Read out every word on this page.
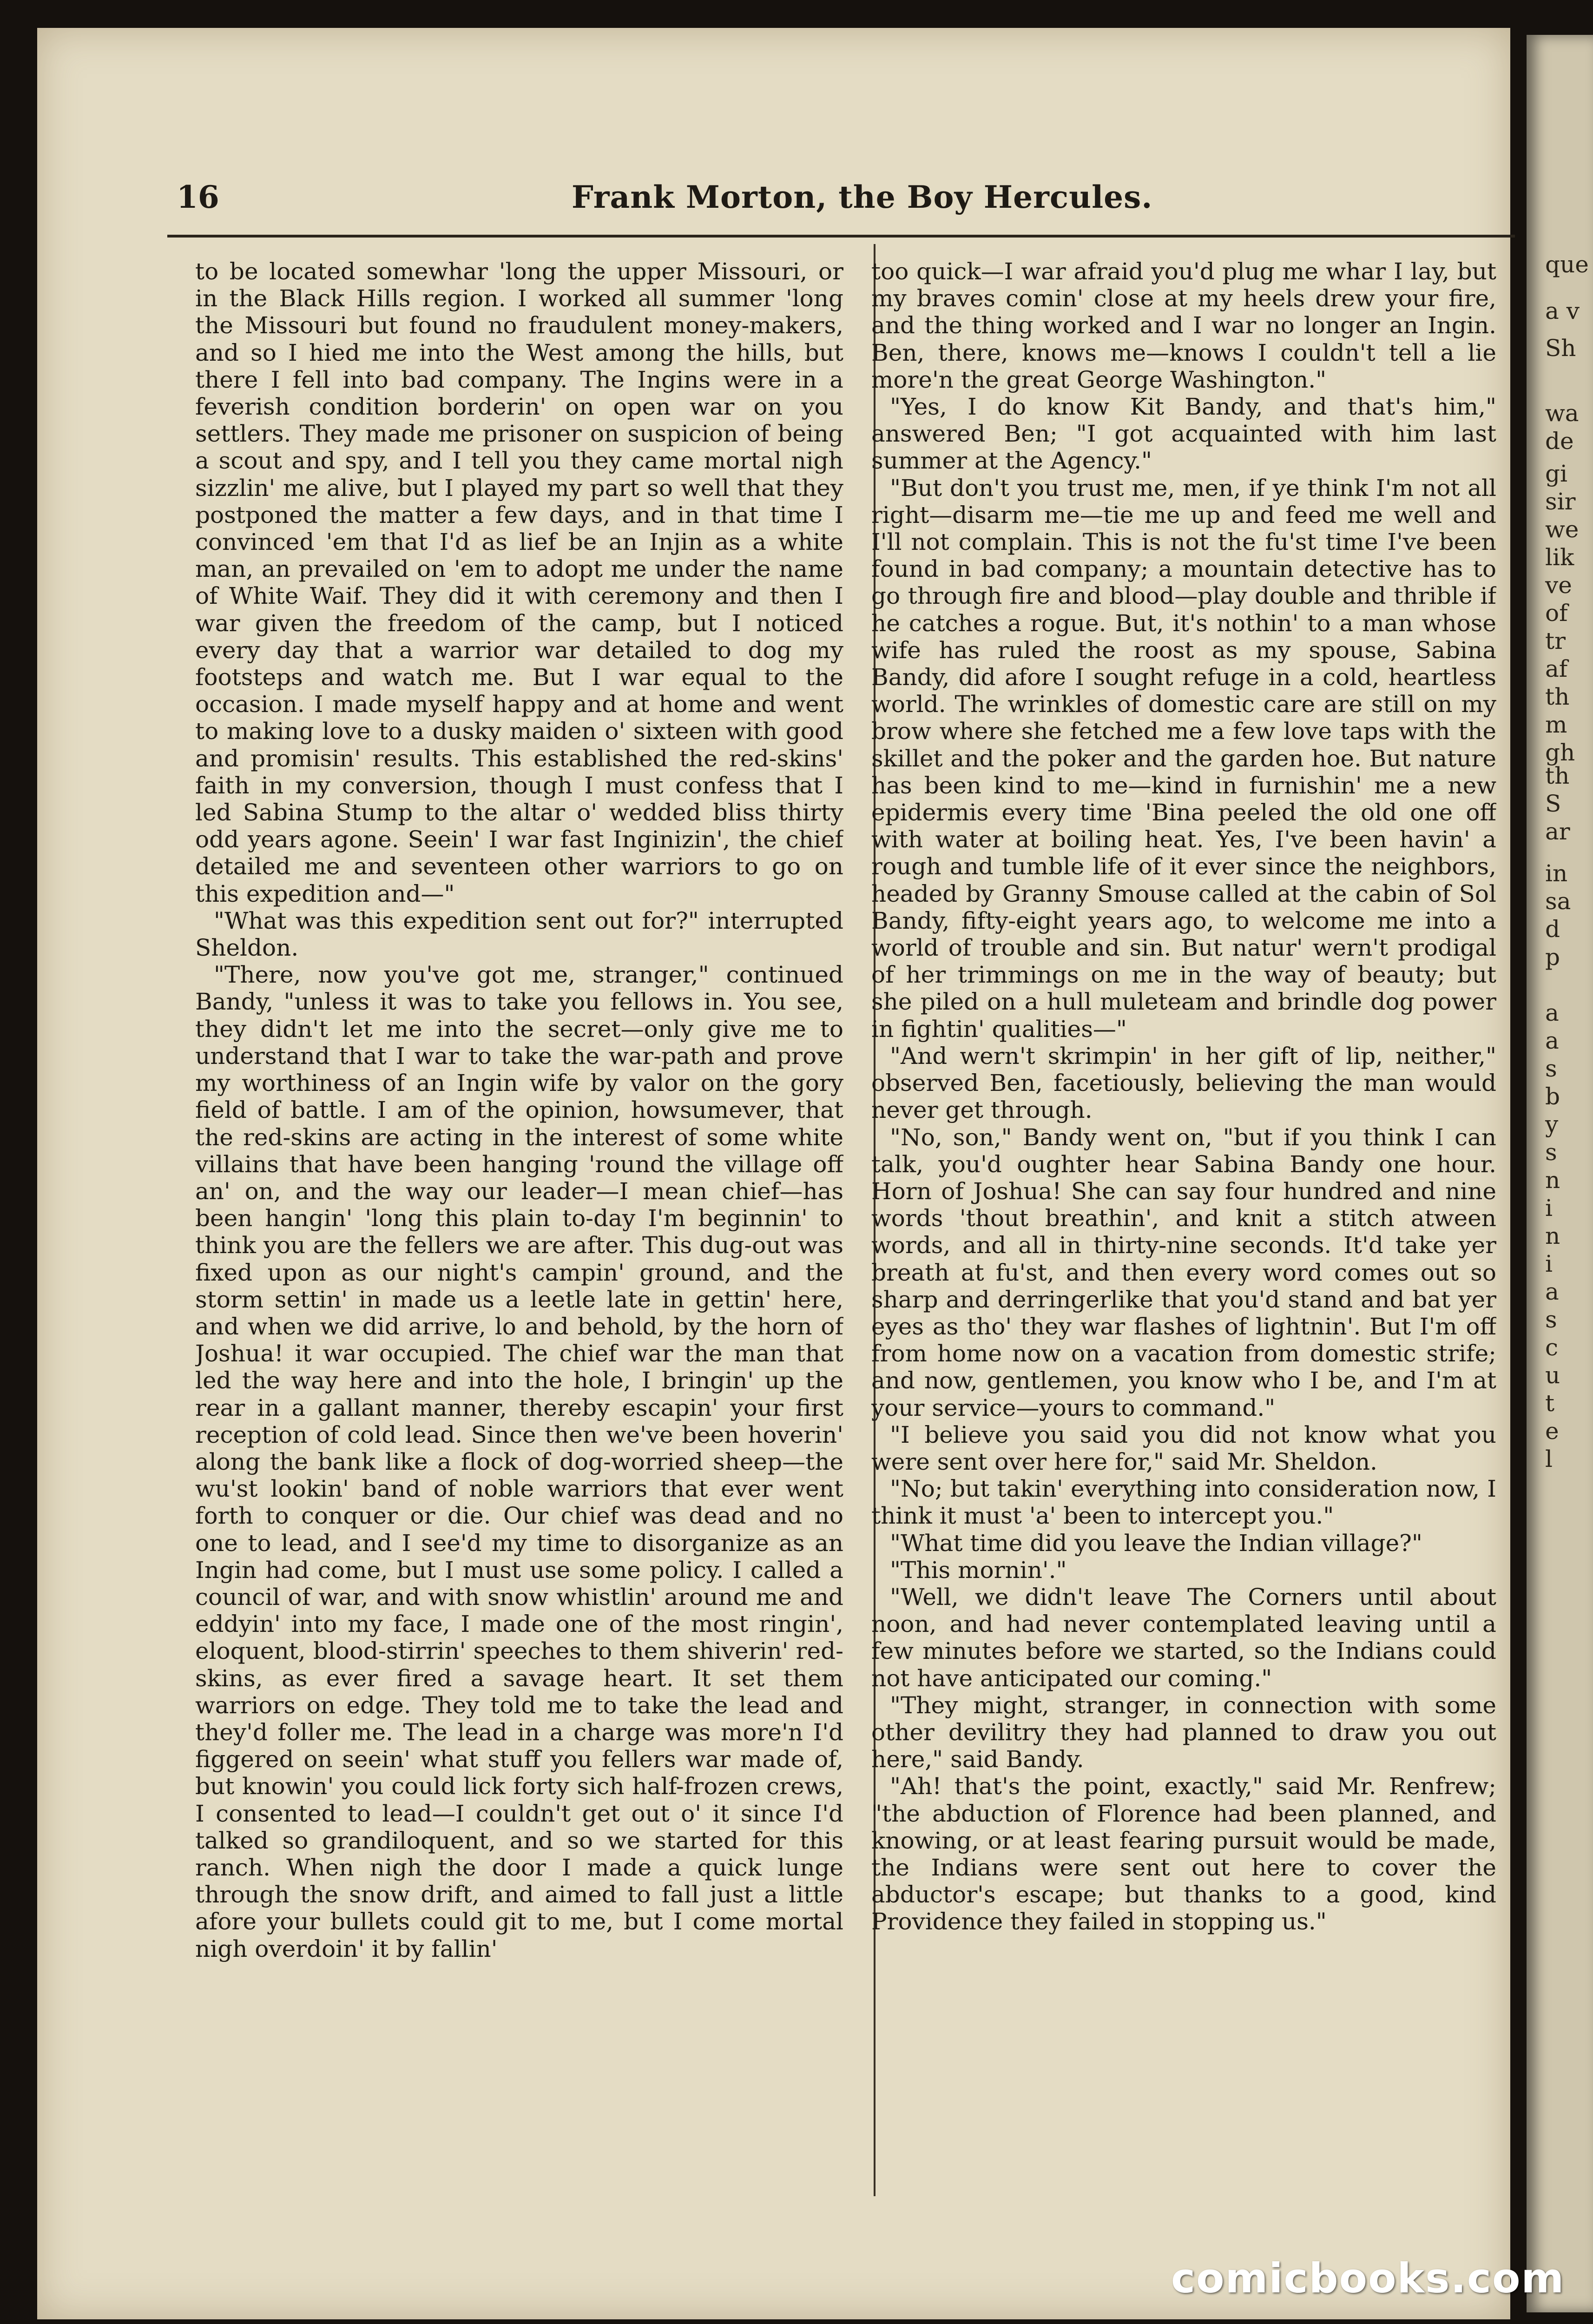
que
a v
Sh
wa
de
gi
sir
we
lik
ve
of
tr
af
th
m
gh
th
S
ar
in
sa
d
p
a
a
s
b
y
s
n
i
n
i
a
s
c
u
t
e
l
16	Frank Morton, the Boy Hercules.

to be located somewhar 'long the upper Missouri, or in the Black Hills region. I worked all summer 'long the Missouri but found no fraudulent money-makers, and so I hied me into the West among the hills, but there I fell into bad company. The Ingins were in a feverish condition borderin' on open war on you settlers. They made me prisoner on suspicion of being a scout and spy, and I tell you they came mortal nigh sizzlin' me alive, but I played my part so well that they postponed the matter a few days, and in that time I convinced 'em that I'd as lief be an Injin as a white man, an prevailed on 'em to adopt me under the name of White Waif. They did it with ceremony and then I war given the freedom of the camp, but I noticed every day that a warrior war detailed to dog my footsteps and watch me. But I war equal to the occasion. I made myself happy and at home and went to making love to a dusky maiden o' sixteen with good and promisin' results. This established the red-skins' faith in my conversion, though I must confess that I led Sabina Stump to the altar o' wedded bliss thirty odd years agone. Seein' I war fast Inginizin', the chief detailed me and seventeen other warriors to go on this expedition and—"

"What was this expedition sent out for?" interrupted Sheldon.

"There, now you've got me, stranger," continued Bandy, "unless it was to take you fellows in. You see, they didn't let me into the secret—only give me to understand that I war to take the war-path and prove my worthiness of an Ingin wife by valor on the gory field of battle. I am of the opinion, howsumever, that the red-skins are acting in the interest of some white villains that have been hanging 'round the village off an' on, and the way our leader—I mean chief—has been hangin' 'long this plain to-day I'm beginnin' to think you are the fellers we are after. This dug-out was fixed upon as our night's campin' ground, and the storm settin' in made us a leetle late in gettin' here, and when we did arrive, lo and behold, by the horn of Joshua! it war occupied. The chief war the man that led the way here and into the hole, I bringin' up the rear in a gallant manner, thereby escapin' your first reception of cold lead. Since then we've been hoverin' along the bank like a flock of dog-worried sheep—the wu'st lookin' band of noble warriors that ever went forth to conquer or die. Our chief was dead and no one to lead, and I see'd my time to disorganize as an Ingin had come, but I must use some policy. I called a council of war, and with snow whistlin' around me and eddyin' into my face, I made one of the most ringin', eloquent, blood-stirrin' speeches to them shiverin' red-skins, as ever fired a savage heart. It set them warriors on edge. They told me to take the lead and they'd foller me. The lead in a charge was more'n I'd figgered on seein' what stuff you fellers war made of, but knowin' you could lick forty sich half-frozen crews, I consented to lead—I couldn't get out o' it since I'd talked so grandiloquent, and so we started for this ranch. When nigh the door I made a quick lunge through the snow drift, and aimed to fall just a little afore your bullets could git to me, but I come mortal nigh overdoin' it by fallin'

too quick—I war afraid you'd plug me whar I lay, but my braves comin' close at my heels drew your fire, and the thing worked and I war no longer an Ingin. Ben, there, knows me—knows I couldn't tell a lie more'n the great George Washington."

"Yes, I do know Kit Bandy, and that's him," answered Ben; "I got acquainted with him last summer at the Agency."

"But don't you trust me, men, if ye think I'm not all right—disarm me—tie me up and feed me well and I'll not complain. This is not the fu'st time I've been found in bad company; a mountain detective has to go through fire and blood—play double and thrible if he catches a rogue. But, it's nothin' to a man whose wife has ruled the roost as my spouse, Sabina Bandy, did afore I sought refuge in a cold, heartless world. The wrinkles of domestic care are still on my brow where she fetched me a few love taps with the skillet and the poker and the garden hoe. But nature has been kind to me—kind in furnishin' me a new epidermis every time 'Bina peeled the old one off with water at boiling heat. Yes, I've been havin' a rough and tumble life of it ever since the neighbors, headed by Granny Smouse called at the cabin of Sol Bandy, fifty-eight years ago, to welcome me into a world of trouble and sin. But natur' wern't prodigal of her trimmings on me in the way of beauty; but she piled on a hull muleteam and brindle dog power in fightin' qualities—"

"And wern't skrimpin' in her gift of lip, neither," observed Ben, facetiously, believing the man would never get through.

"No, son," Bandy went on, "but if you think I can talk, you'd oughter hear Sabina Bandy one hour. Horn of Joshua! She can say four hundred and nine words 'thout breathin', and knit a stitch atween words, and all in thirty-nine seconds. It'd take yer breath at fu'st, and then every word comes out so sharp and derringerlike that you'd stand and bat yer eyes as tho' they war flashes of lightnin'. But I'm off from home now on a vacation from domestic strife; and now, gentlemen, you know who I be, and I'm at your service—yours to command."

"I believe you said you did not know what you were sent over here for," said Mr. Sheldon.

"No; but takin' everything into consideration now, I think it must 'a' been to intercept you."

"What time did you leave the Indian village?"

"This mornin'."

"Well, we didn't leave The Corners until about noon, and had never contemplated leaving until a few minutes before we started, so the Indians could not have anticipated our coming."

"They might, stranger, in connection with some other devilitry they had planned to draw you out here," said Bandy.

"Ah! that's the point, exactly," said Mr. Renfrew; "the abduction of Florence had been planned, and knowing, or at least fearing pursuit would be made, the Indians were sent out here to cover the abductor's escape; but thanks to a good, kind Providence they failed in stopping us."

comicbooks.com
